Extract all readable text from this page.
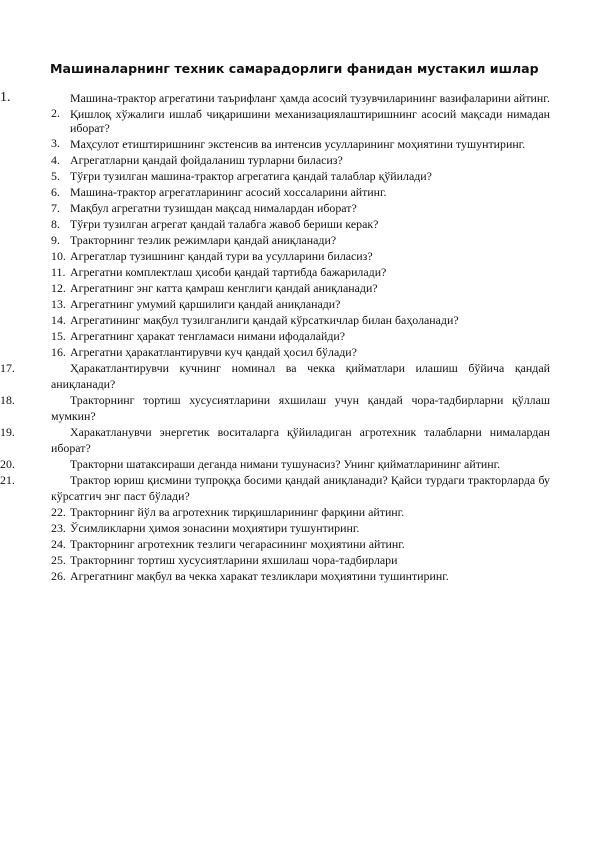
Машиналарнинг техник самарадорлиги фанидан мустакил ишлар
1.	Машина-трактор агрегатини таърифланг ҳамда асосий тузувчиларининг вазифаларини айтинг.
2. Қишлоқ хўжалиги ишлаб чиқаришини механизациялаштиришнинг асосий мақсади нимадан иборат?
3. Маҳсулот етиштиришнинг экстенсив ва интенсив усулларининг моҳиятини тушунтиринг.
4. Агрегатларни қандай фойдаланиш турларни биласиз?
5. Тўғри тузилган машина-трактор агрегатига қандай талаблар қўйилади?
6. Машина-трактор агрегатларининг асосий хоссаларини айтинг.
7. Мақбул агрегатни тузишдан мақсад нималардан иборат?
8. Тўғри тузилган агрегат қандай талабга жавоб бериши керак?
9. Тракторнинг тезлик режимлари қандай аниқланади?
10. Агрегатлар тузишнинг қандай тури ва усулларини биласиз?
11. Агрегатни комплектлаш ҳисоби қандай тартибда бажарилади?
12. Агрегатнинг энг катта қамраш кенглиги қандай аниқланади?
13. Агрегатнинг умумий қаршилиги қандай аниқланади?
14. Агрегатининг мақбул тузилганлиги қандай кўрсаткичлар билан баҳоланади?
15. Агрегатнинг ҳаракат тенгламаси нимани ифодалайди?
16. Агрегатни ҳаракатлантирувчи куч қандай ҳосил бўлади?
17.	Ҳаракатлантирувчи кучнинг номинал ва чекка қийматлари илашиш бўйича қандай аниқланади?
18.	Тракторнинг тортиш хусусиятларини яхшилаш учун қандай чора-тадбирларни қўллаш мумкин?
19.	Харакатланувчи энергетик воситаларга қўйиладиган агротехник талабларни нималардан иборат?
20.	Тракторни шатаксираши деганда нимани тушунасиз? Унинг қийматларининг айтинг.
21.	Трактор юриш қисмини тупроққа босими қандай аниқланади? Қайси турдаги тракторларда бу кўрсатгич энг паст бўлади?
22. Тракторнинг йўл ва агротехник тирқишларининг фарқини айтинг.
23. Ўсимликларни ҳимоя зонасини моҳиятири тушунтиринг.
24. Тракторнинг агротехник тезлиги чегарасининг моҳиятини айтинг.
25. Тракторнинг тортиш хусусиятларини яхшилаш чора-тадбирлари
26. Агрегатнинг мақбул ва чекка харакат тезликлари моҳиятини тушинтиринг.
